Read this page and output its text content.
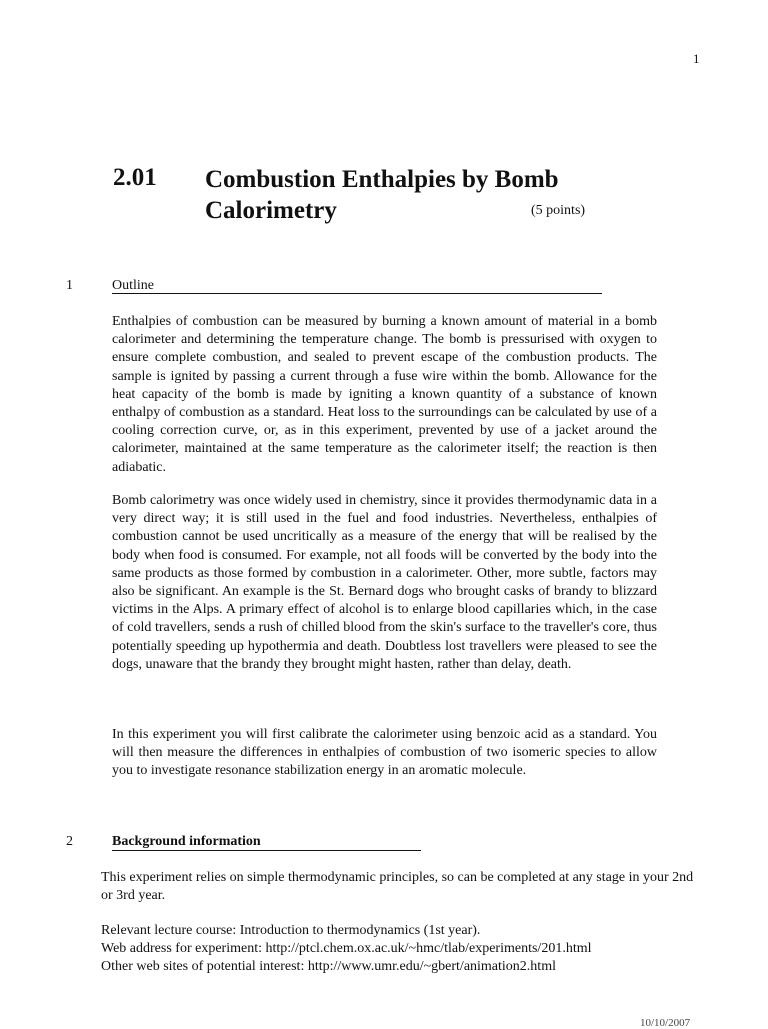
1
2.01 Combustion Enthalpies by Bomb Calorimetry	(5 points)
1	Outline

Enthalpies of combustion can be measured by burning a known amount of material in a bomb calorimeter and determining the temperature change. The bomb is pressurised with oxygen to ensure complete combustion, and sealed to prevent escape of the combustion products. The sample is ignited by passing a current through a fuse wire within the bomb. Allowance for the heat capacity of the bomb is made by igniting a known quantity of a substance of known enthalpy of combustion as a standard. Heat loss to the surroundings can be calculated by use of a cooling correction curve, or, as in this experiment, prevented by use of a jacket around the calorimeter, maintained at the same temperature as the calorimeter itself; the reaction is then adiabatic.

Bomb calorimetry was once widely used in chemistry, since it provides thermodynamic data in a very direct way; it is still used in the fuel and food industries. Nevertheless, enthalpies of combustion cannot be used uncritically as a measure of the energy that will be realised by the body when food is consumed. For example, not all foods will be converted by the body into the same products as those formed by combustion in a calorimeter. Other, more subtle, factors may also be significant. An example is the St. Bernard dogs who brought casks of brandy to blizzard victims in the Alps. A primary effect of alcohol is to enlarge blood capillaries which, in the case of cold travellers, sends a rush of chilled blood from the skin's surface to the traveller's core, thus potentially speeding up hypothermia and death. Doubtless lost travellers were pleased to see the dogs, unaware that the brandy they brought might hasten, rather than delay, death.

In this experiment you will first calibrate the calorimeter using benzoic acid as a standard. You will then measure the differences in enthalpies of combustion of two isomeric species to allow you to investigate resonance stabilization energy in an aromatic molecule.

2	Background information

This experiment relies on simple thermodynamic principles, so can be completed at any stage in your 2nd or 3rd year.

Relevant lecture course: Introduction to thermodynamics (1st year).
Web address for experiment: http://ptcl.chem.ox.ac.uk/~hmc/tlab/experiments/201.html
Other web sites of potential interest: http://www.umr.edu/~gbert/animation2.html
10/10/2007
